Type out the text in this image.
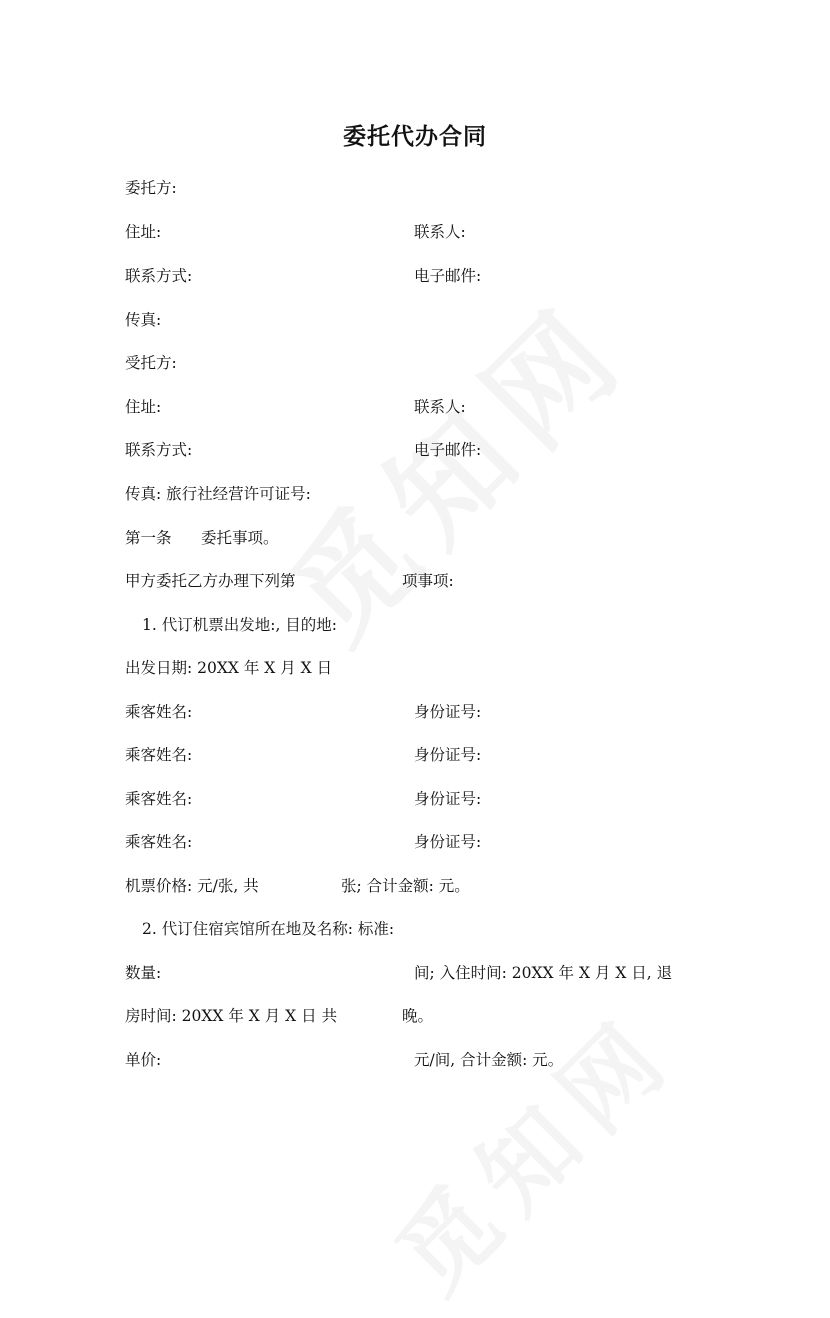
委托代办合同
委托方:
住址:	联系人:
联系方式:	电子邮件:
传真:
受托方:
住址:	联系人:
联系方式:	电子邮件:
传真: 旅行社经营许可证号:
第一条 委托事项。
甲方委托乙方办理下列第	项事项:
1. 代订机票出发地:, 目的地:
出发日期: 20XX 年 X 月 X 日
乘客姓名:	身份证号:
乘客姓名:	身份证号:
乘客姓名:	身份证号:
乘客姓名:	身份证号:
机票价格: 元/张, 共	张; 合计金额: 元。
2. 代订住宿宾馆所在地及名称: 标准:
数量:	间; 入住时间: 20XX 年 X 月 X 日, 退
房时间: 20XX 年 X 月 X 日 共	晚。
单价:	元/间, 合计金额: 元。
